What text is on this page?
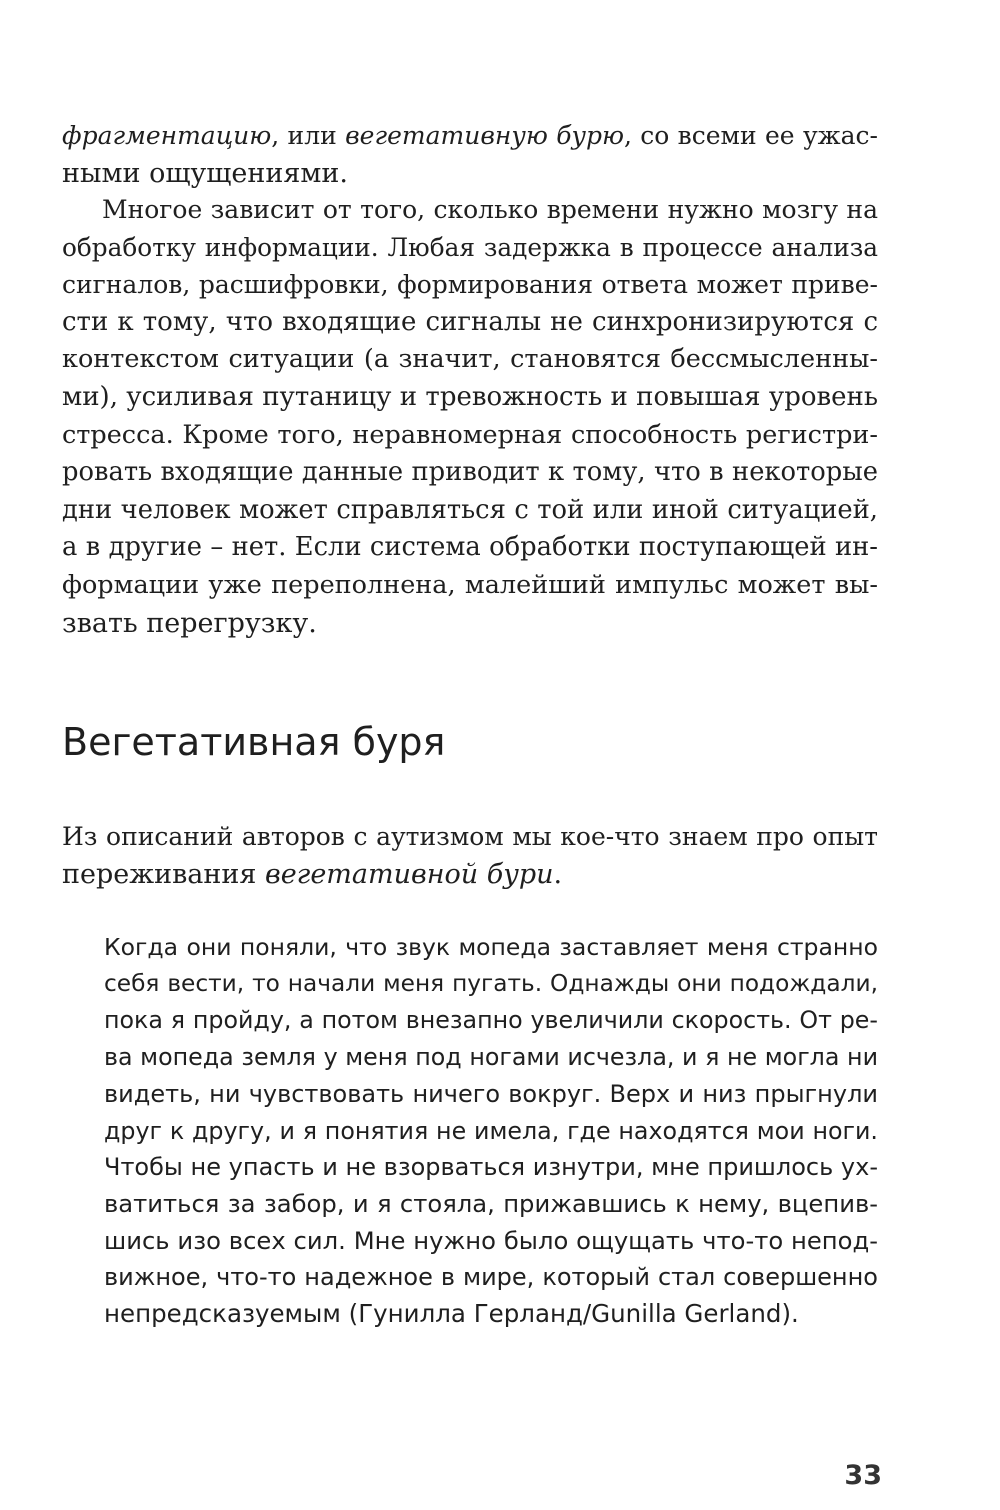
фрагментацию, или вегетативную бурю, со всеми ее ужас-
ными ощущениями.
Многое зависит от того, сколько времени нужно мозгу на
обработку информации. Любая задержка в процессе анализа
сигналов, расшифровки, формирования ответа может приве-
сти к тому, что входящие сигналы не синхронизируются с
контекстом ситуации (а значит, становятся бессмысленны-
ми), усиливая путаницу и тревожность и повышая уровень
стресса. Кроме того, неравномерная способность регистри-
ровать входящие данные приводит к тому, что в некоторые
дни человек может справляться с той или иной ситуацией,
а в другие – нет. Если система обработки поступающей ин-
формации уже переполнена, малейший импульс может вы-
звать перегрузку.
Вегетативная буря
Из описаний авторов с аутизмом мы кое-что знаем про опыт
переживания вегетативной бури.
Когда они поняли, что звук мопеда заставляет меня странно
себя вести, то начали меня пугать. Однажды они подождали,
пока я пройду, а потом внезапно увеличили скорость. От ре-
ва мопеда земля у меня под ногами исчезла, и я не могла ни
видеть, ни чувствовать ничего вокруг. Верх и низ прыгнули
друг к другу, и я понятия не имела, где находятся мои ноги.
Чтобы не упасть и не взорваться изнутри, мне пришлось ух-
ватиться за забор, и я стояла, прижавшись к нему, вцепив-
шись изо всех сил. Мне нужно было ощущать что-то непод-
вижное, что-то надежное в мире, который стал совершенно
непредсказуемым (Гунилла Герланд/Gunilla Gerland).
33
